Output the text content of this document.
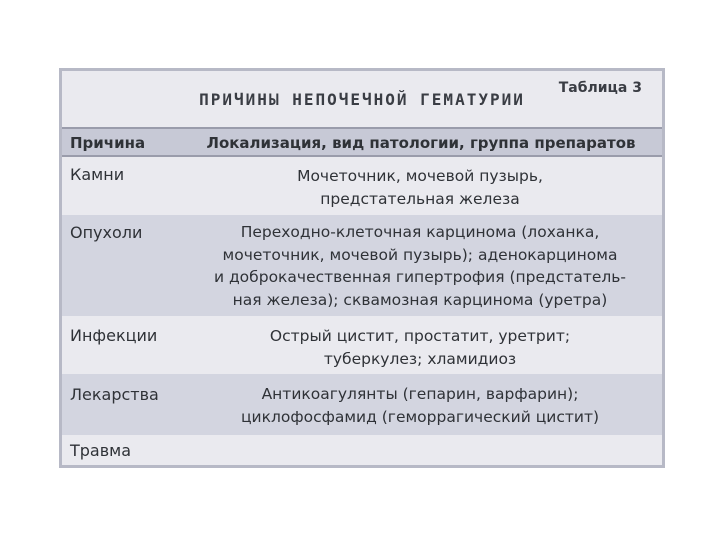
ПРИЧИНЫ НЕПОЧЕЧНОЙ ГЕМАТУРИИ
Таблица 3
Причина	Локализация, вид патологии, группа препаратов
Камни	Мочеточник, мочевой пузырь,
предстательная железа
Опухоли	Переходно-клеточная карцинома (лоханка,
мочеточник, мочевой пузырь); аденокарцинома
и доброкачественная гипертрофия (предстатель-
ная железа); сквамозная карцинома (уретра)
Инфекции	Острый цистит, простатит, уретрит;
туберкулез; хламидиоз
Лекарства	Антикоагулянты (гепарин, варфарин);
циклофосфамид (геморрагический цистит)
Травма
